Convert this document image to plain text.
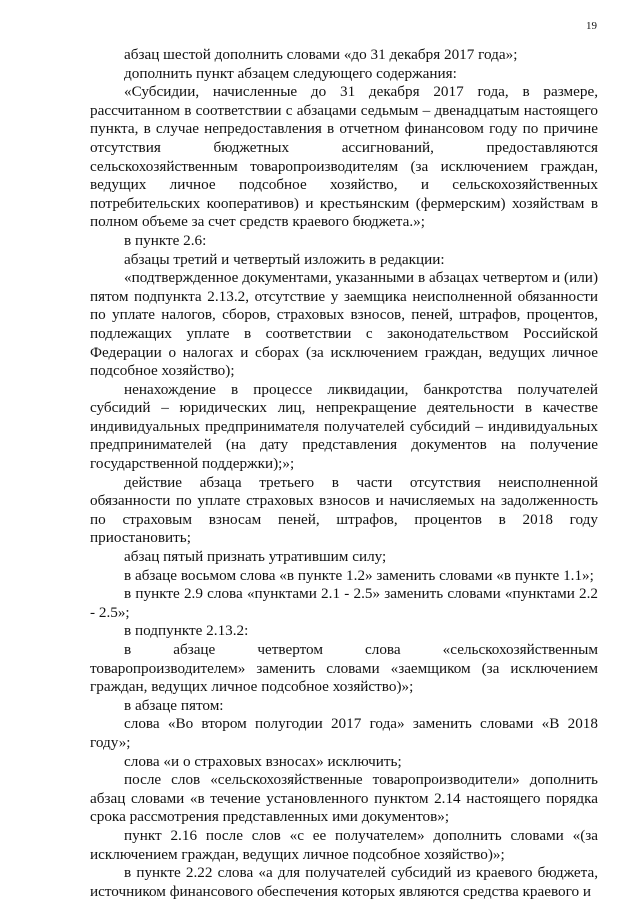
19

абзац шестой дополнить словами «до 31 декабря 2017 года»;

дополнить пункт абзацем следующего содержания:

«Субсидии, начисленные до 31 декабря 2017 года, в размере, рассчитанном в соответствии с абзацами седьмым – двенадцатым настоящего пункта, в случае непредоставления в отчетном финансовом году по причине отсутствия бюджетных ассигнований, предоставляются сельскохозяйственным товаропроизводителям (за исключением граждан, ведущих личное подсобное хозяйство, и сельскохозяйственных потребительских кооперативов) и крестьянским (фермерским) хозяйствам в полном объеме за счет средств краевого бюджета.»;

в пункте 2.6:

абзацы третий и четвертый изложить в редакции:

«подтвержденное документами, указанными в абзацах четвертом и (или) пятом подпункта 2.13.2, отсутствие у заемщика неисполненной обязанности по уплате налогов, сборов, страховых взносов, пеней, штрафов, процентов, подлежащих уплате в соответствии с законодательством Российской Федерации о налогах и сборах (за исключением граждан, ведущих личное подсобное хозяйство);

ненахождение в процессе ликвидации, банкротства получателей субсидий – юридических лиц, непрекращение деятельности в качестве индивидуальных предпринимателя получателей субсидий – индивидуальных предпринимателей (на дату представления документов на получение государственной поддержки);»;

действие абзаца третьего в части отсутствия неисполненной обязанности по уплате страховых взносов и начисляемых на задолженность по страховым взносам пеней, штрафов, процентов в 2018 году приостановить;

абзац пятый признать утратившим силу;

в абзаце восьмом слова «в пункте 1.2» заменить словами «в пункте 1.1»;

в пункте 2.9 слова «пунктами 2.1 - 2.5» заменить словами «пунктами 2.2 - 2.5»;

в подпункте 2.13.2:

в абзаце четвертом слова «сельскохозяйственным товаропроизводителем» заменить словами «заемщиком (за исключением граждан, ведущих личное подсобное хозяйство)»;

в абзаце пятом:

слова «Во втором полугодии 2017 года» заменить словами «В 2018 году»;

слова «и о страховых взносах» исключить;

после слов «сельскохозяйственные товаропроизводители» дополнить абзац словами «в течение установленного пунктом 2.14 настоящего порядка срока рассмотрения представленных ими документов»;

пункт 2.16 после слов «с ее получателем» дополнить словами «(за исключением граждан, ведущих личное подсобное хозяйство)»;

в пункте 2.22 слова «а для получателей субсидий из краевого бюджета, источником финансового обеспечения которых являются средства краевого и
